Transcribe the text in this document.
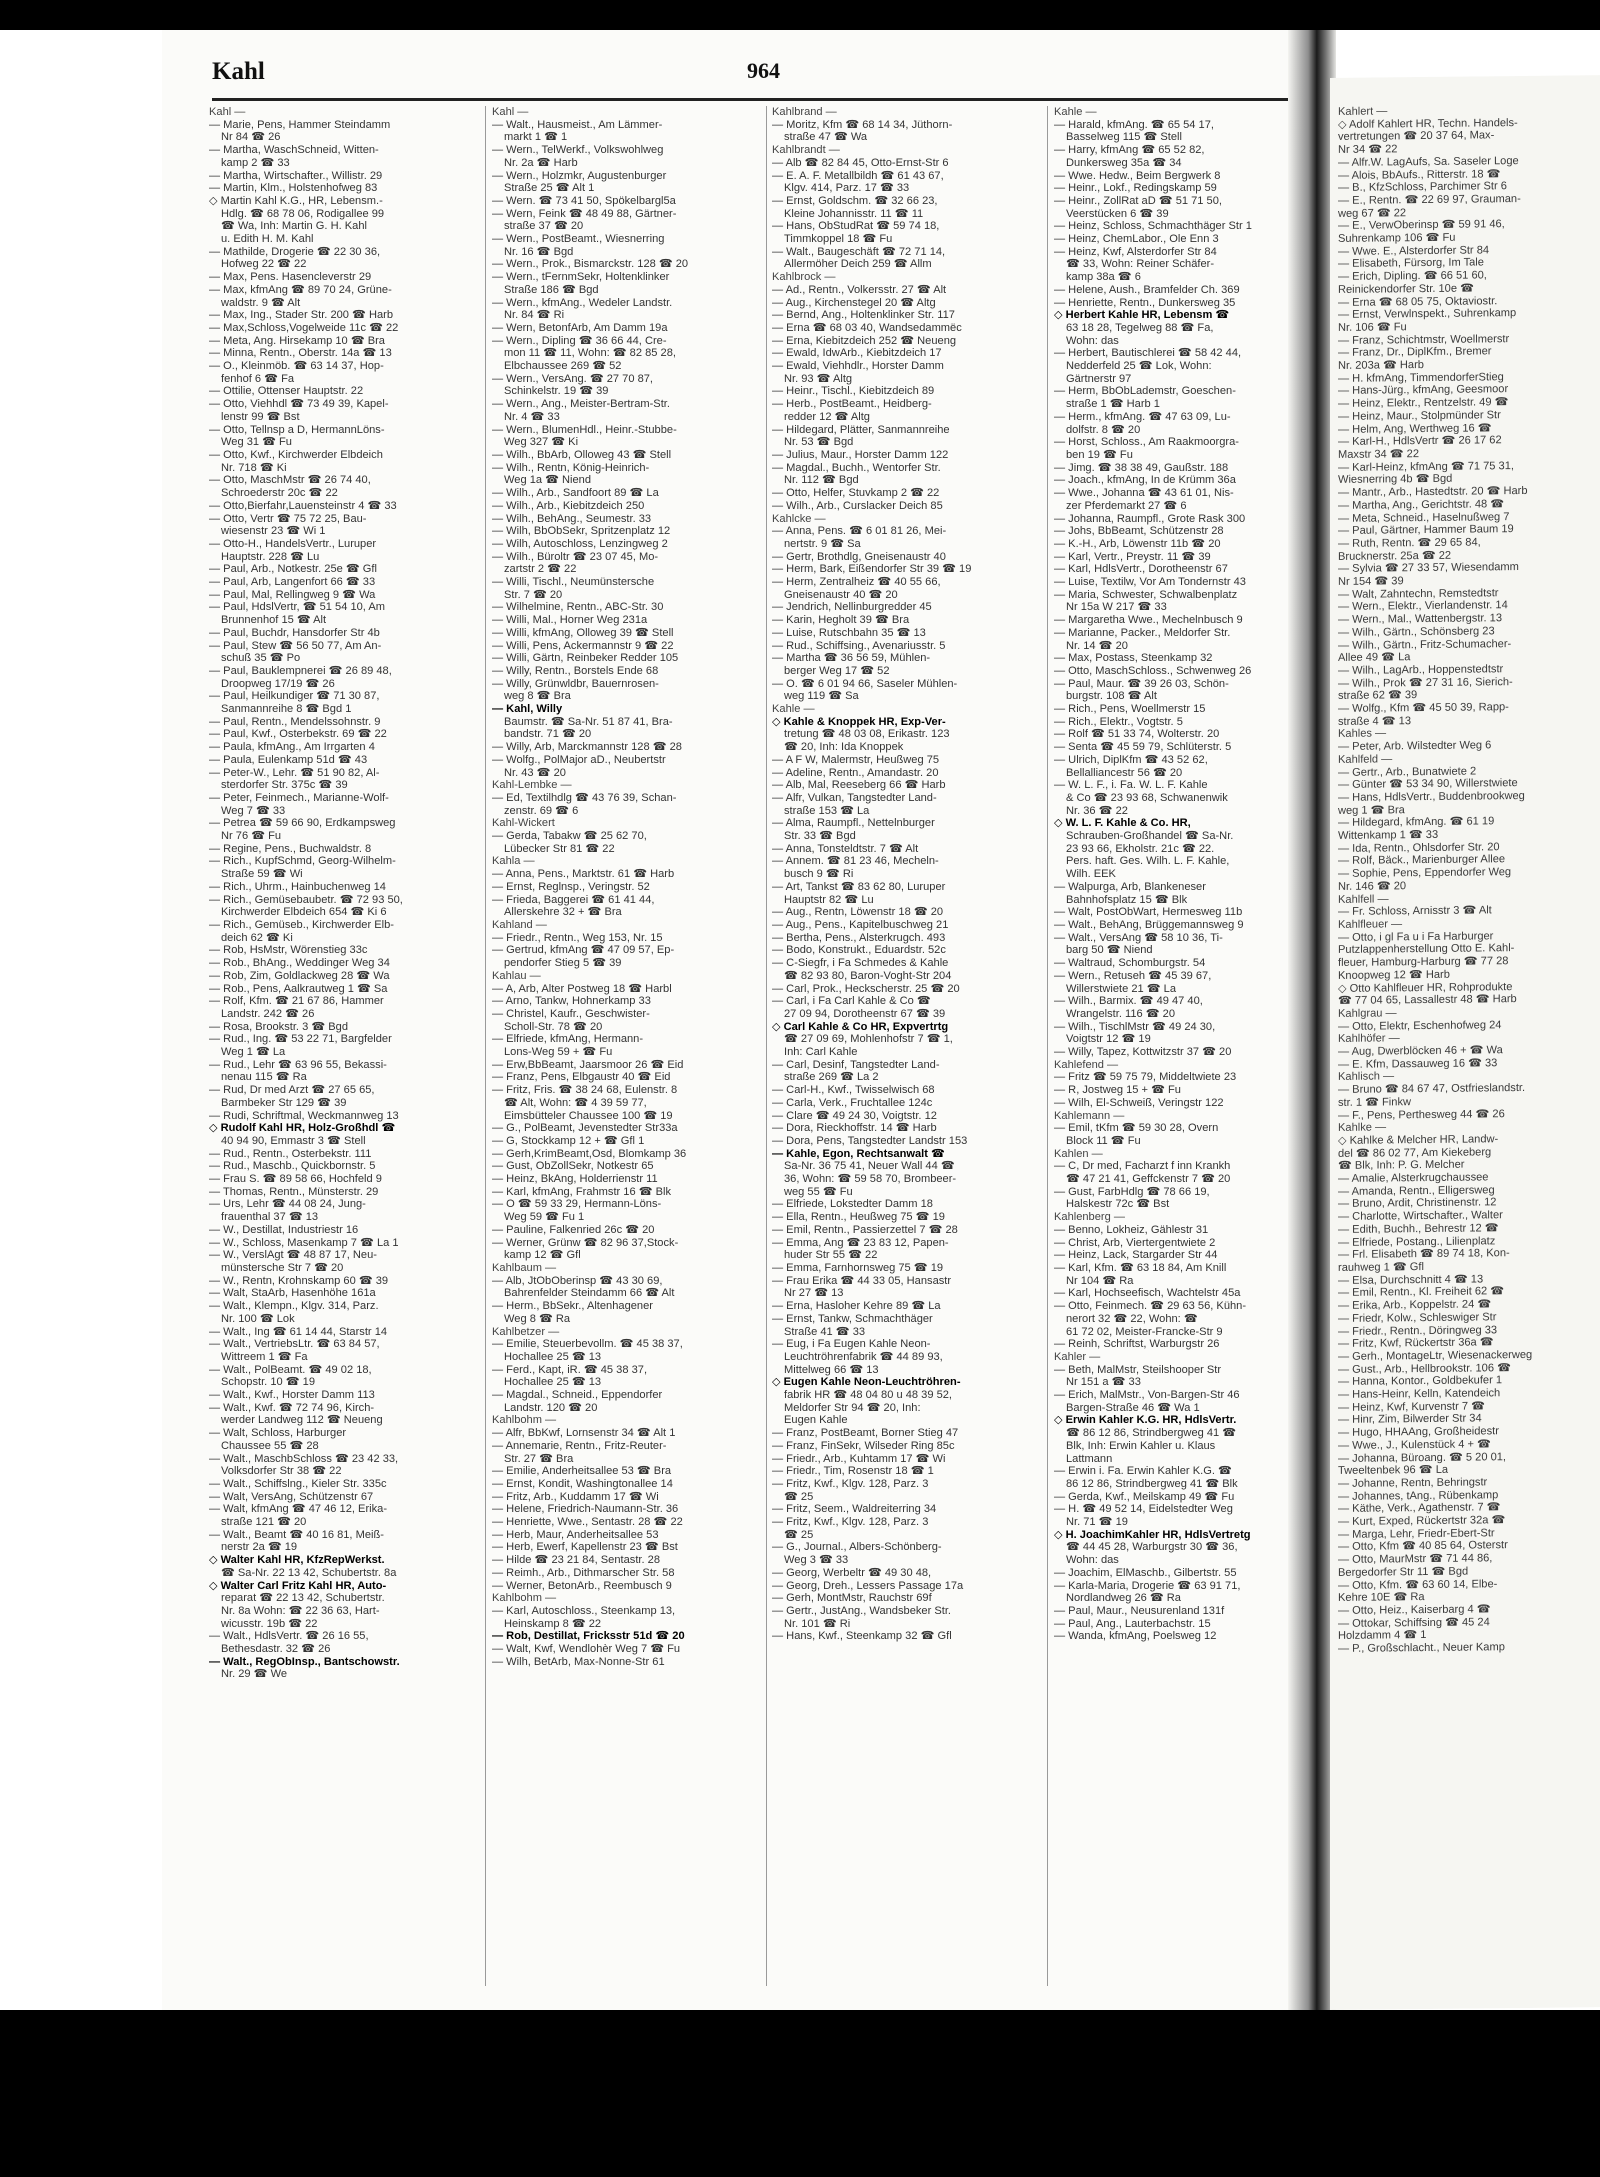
Kahl	964
Kahl —
— Marie, Pens, Hammer Steindamm
Nr 84 ☎ 26
— Martha, WaschSchneid, Witten-
kamp 2 ☎ 33
— Martha, Wirtschafter., Willistr. 29
— Martin, Klm., Holstenhofweg 83
◇ Martin Kahl K.G., HR, Lebensm.-
Hdlg. ☎ 68 78 06, Rodigallee 99
☎ Wa, Inh: Martin G. H. Kahl
u. Edith H. M. Kahl
— Mathilde, Drogerie ☎ 22 30 36,
Hofweg 22 ☎ 22
— Max, Pens. Hasencleverstr 29
— Max, kfmAng ☎ 89 70 24, Grüne-
waldstr. 9 ☎ Alt
— Max, Ing., Stader Str. 200 ☎ Harb
— Max,Schloss,Vogelweide 11c ☎ 22
— Meta, Ang. Hirsekamp 10 ☎ Bra
— Minna, Rentn., Oberstr. 14a ☎ 13
— O., Kleinmöb. ☎ 63 14 37, Hop-
fenhof 6 ☎ Fa
— Ottilie, Ottenser Hauptstr. 22
— Otto, Viehhdl ☎ 73 49 39, Kapel-
lenstr 99 ☎ Bst
— Otto, Tellnsp a D, HermannLöns-
Weg 31 ☎ Fu
— Otto, Kwf., Kirchwerder Elbdeich
Nr. 718 ☎ Ki
— Otto, MaschMstr ☎ 26 74 40,
Schroederstr 20c ☎ 22
— Otto,Bierfahr,Lauensteinstr 4 ☎ 33
— Otto, Vertr ☎ 75 72 25, Bau-
wiesenstr 23 ☎ Wi 1
— Otto-H., HandelsVertr., Luruper
Hauptstr. 228 ☎ Lu
— Paul, Arb., Notkestr. 25e ☎ Gfl
— Paul, Arb, Langenfort 66 ☎ 33
— Paul, Mal, Rellingweg 9 ☎ Wa
— Paul, HdslVertr, ☎ 51 54 10, Am
Brunnenhof 15 ☎ Alt
— Paul, Buchdr, Hansdorfer Str 4b
— Paul, Stew ☎ 56 50 77, Am An-
schuß 35 ☎ Po
— Paul, Bauklempnerei ☎ 26 89 48,
Droopweg 17/19 ☎ 26
— Paul, Heilkundiger ☎ 71 30 87,
Sanmannreihe 8 ☎ Bgd 1
— Paul, Rentn., Mendelssohnstr. 9
— Paul, Kwf., Osterbekstr. 69 ☎ 22
— Paula, kfmAng., Am Irrgarten 4
— Paula, Eulenkamp 51d ☎ 43
— Peter-W., Lehr. ☎ 51 90 82, Al-
sterdorfer Str. 375c ☎ 39
— Peter, Feinmech., Marianne-Wolf-
Weg 7 ☎ 33
— Petrea ☎ 59 66 90, Erdkampsweg
Nr 76 ☎ Fu
— Regine, Pens., Buchwaldstr. 8
— Rich., KupfSchmd, Georg-Wilhelm-
Straße 59 ☎ Wi
— Rich., Uhrm., Hainbuchenweg 14
— Rich., Gemüsebaubetr. ☎ 72 93 50,
Kirchwerder Elbdeich 654 ☎ Ki 6
— Rich., Gemüseb., Kirchwerder Elb-
deich 62 ☎ Ki
— Rob, HsMstr, Wörenstieg 33c
— Rob., BhAng., Weddinger Weg 34
— Rob, Zim, Goldlackweg 28 ☎ Wa
— Rob., Pens, Aalkrautweg 1 ☎ Sa
— Rolf, Kfm. ☎ 21 67 86, Hammer
Landstr. 242 ☎ 26
— Rosa, Brookstr. 3 ☎ Bgd
— Rud., Ing. ☎ 53 22 71, Bargfelder
Weg 1 ☎ La
— Rud., Lehr ☎ 63 96 55, Bekassi-
nenau 115 ☎ Ra
— Rud, Dr med Arzt ☎ 27 65 65,
Barmbeker Str 129 ☎ 39
— Rudi, Schriftmal, Weckmannweg 13
◇ Rudolf Kahl HR, Holz-Großhdl ☎
40 94 90, Emmastr 3 ☎ Stell
— Rud., Rentn., Osterbekstr. 111
— Rud., Maschb., Quickbornstr. 5
— Frau S. ☎ 89 58 66, Hochfeld 9
— Thomas, Rentn., Münsterstr. 29
— Urs, Lehr ☎ 44 08 24, Jung-
frauenthal 37 ☎ 13
— W., Destillat, Industriestr 16
— W., Schloss, Masenkamp 7 ☎ La 1
— W., VerslAgt ☎ 48 87 17, Neu-
münstersche Str 7 ☎ 20
— W., Rentn, Krohnskamp 60 ☎ 39
— Walt, StaArb, Hasenhöhe 161a
— Walt., Klempn., Klgv. 314, Parz.
Nr. 100 ☎ Lok
— Walt., Ing ☎ 61 14 44, Starstr 14
— Walt., VertriebsLtr. ☎ 63 84 57,
Wittreem 1 ☎ Fa
— Walt., PolBeamt. ☎ 49 02 18,
Schopstr. 10 ☎ 19
— Walt., Kwf., Horster Damm 113
— Walt., Kwf. ☎ 72 74 96, Kirch-
werder Landweg 112 ☎ Neueng
— Walt, Schloss, Harburger
Chaussee 55 ☎ 28
— Walt., MaschbSchloss ☎ 23 42 33,
Volksdorfer Str 38 ☎ 22
— Walt., Schiffslng., Kieler Str. 335c
— Walt, VersAng, Schützenstr 67
— Walt, kfmAng ☎ 47 46 12, Erika-
straße 121 ☎ 20
— Walt., Beamt ☎ 40 16 81, Meiß-
nerstr 2a ☎ 19
◇ Walter Kahl HR, KfzRepWerkst.
☎ Sa-Nr. 22 13 42, Schubertstr. 8a
◇ Walter Carl Fritz Kahl HR, Auto-
reparat ☎ 22 13 42, Schubertstr.
Nr. 8a Wohn: ☎ 22 36 63, Hart-
wicusstr. 19b ☎ 22
— Walt., HdlsVertr. ☎ 26 16 55,
Bethesdastr. 32 ☎ 26
— Walt., RegObInsp., Bantschowstr.
Nr. 29 ☎ We
Kahl —
— Walt., Hausmeist., Am Lämmer-
markt 1 ☎ 1
— Wern., TelWerkf., Volkswohlweg
Nr. 2a ☎ Harb
— Wern., Holzmkr, Augustenburger
Straße 25 ☎ Alt 1
— Wern. ☎ 73 41 50, Spökelbargl5a
— Wern, Feink ☎ 48 49 88, Gärtner-
straße 37 ☎ 20
— Wern., PostBeamt., Wiesnerring
Nr. 16 ☎ Bgd
— Wern., Prok., Bismarckstr. 128 ☎ 20
— Wern., tFernmSekr, Holtenklinker
Straße 186 ☎ Bgd
— Wern., kfmAng., Wedeler Landstr.
Nr. 84 ☎ Ri
— Wern, BetonfArb, Am Damm 19a
— Wern., Dipling ☎ 36 66 44, Cre-
mon 11 ☎ 11, Wohn: ☎ 82 85 28,
Elbchaussee 269 ☎ 52
— Wern., VersAng. ☎ 27 70 87,
Schinkelstr. 19 ☎ 39
— Wern., Ang., Meister-Bertram-Str.
Nr. 4 ☎ 33
— Wern., BlumenHdl., Heinr.-Stubbe-
Weg 327 ☎ Ki
— Wilh., BbArb, Olloweg 43 ☎ Stell
— Wilh., Rentn, König-Heinrich-
Weg 1a ☎ Niend
— Wilh., Arb., Sandfoort 89 ☎ La
— Wilh., Arb., Kiebitzdeich 250
— Wilh., BehAng., Seumestr. 33
— Wilh, BbObSekr, Spritzenplatz 12
— Wilh, Autoschloss, Lenzingweg 2
— Wilh., Büroltr ☎ 23 07 45, Mo-
zartstr 2 ☎ 22
— Willi, Tischl., Neumünstersche
Str. 7 ☎ 20
— Wilhelmine, Rentn., ABC-Str. 30
— Willi, Mal., Horner Weg 231a
— Willi, kfmAng, Olloweg 39 ☎ Stell
— Willi, Pens, Ackermannstr 9 ☎ 22
— Willi, Gärtn, Reinbeker Redder 105
— Willy, Rentn., Borstels Ende 68
— Willy, Grünwldbr, Bauernrosen-
weg 8 ☎ Bra
— Kahl, Willy
Baumstr. ☎ Sa-Nr. 51 87 41, Bra-
bandstr. 71 ☎ 20
— Willy, Arb, Marckmannstr 128 ☎ 28
— Wolfg., PolMajor aD., Neubertstr
Nr. 43 ☎ 20
Kahl-Lembke —
— Ed, Textilhdlg ☎ 43 76 39, Schan-
zenstr. 69 ☎ 6
Kahl-Wickert
— Gerda, Tabakw ☎ 25 62 70,
Lübecker Str 81 ☎ 22
Kahla —
— Anna, Pens., Marktstr. 61 ☎ Harb
— Ernst, Reglnsp., Veringstr. 52
— Frieda, Baggerei ☎ 61 41 44,
Allerskehre 32 + ☎ Bra
Kahland —
— Friedr., Rentn., Weg 153, Nr. 15
— Gertrud, kfmAng ☎ 47 09 57, Ep-
pendorfer Stieg 5 ☎ 39
Kahlau —
— A, Arb, Alter Postweg 18 ☎ Harbl
— Arno, Tankw, Hohnerkamp 33
— Christel, Kaufr., Geschwister-
Scholl-Str. 78 ☎ 20
— Elfriede, kfmAng, Hermann-
Lons-Weg 59 + ☎ Fu
— Erw,BbBeamt, Jaarsmoor 26 ☎ Eid
— Franz, Pens, Elbgaustr 40 ☎ Eid
— Fritz, Fris. ☎ 38 24 68, Eulenstr. 8
☎ Alt, Wohn: ☎ 4 39 59 77,
Eimsbütteler Chaussee 100 ☎ 19
— G., PolBeamt, Jevenstedter Str33a
— G, Stockkamp 12 + ☎ Gfl 1
— Gerh,KrimBeamt,Osd, Blomkamp 36
— Gust, ObZollSekr, Notkestr 65
— Heinz, BkAng, Holderrienstr 11
— Karl, kfmAng, Frahmstr 16 ☎ Blk
— O ☎ 59 33 29, Hermann-Löns-
Weg 59 ☎ Fu 1
— Pauline, Falkenried 26c ☎ 20
— Werner, Grünw ☎ 82 96 37,Stock-
kamp 12 ☎ Gfl
Kahlbaum —
— Alb, JtObOberinsp ☎ 43 30 69,
Bahrenfelder Steindamm 66 ☎ Alt
— Herm., BbSekr., Altenhagener
Weg 8 ☎ Ra
Kahlbetzer —
— Emilie, Steuerbevollm. ☎ 45 38 37,
Hochallee 25 ☎ 13
— Ferd., Kapt, iR. ☎ 45 38 37,
Hochallee 25 ☎ 13
— Magdal., Schneid., Eppendorfer
Landstr. 120 ☎ 20
Kahlbohm —
— Alfr, BbKwf, Lornsenstr 34 ☎ Alt 1
— Annemarie, Rentn., Fritz-Reuter-
Str. 27 ☎ Bra
— Emilie, Anderheitsallee 53 ☎ Bra
— Ernst, Kondit, Washingtonallee 14
— Fritz, Arb., Kuddamm 17 ☎ Wi
— Helene, Friedrich-Naumann-Str. 36
— Henriette, Wwe., Sentastr. 28 ☎ 22
— Herb, Maur, Anderheitsallee 53
— Herb, Ewerf, Kapellenstr 23 ☎ Bst
— Hilde ☎ 23 21 84, Sentastr. 28
— Reimh., Arb., Dithmarscher Str. 58
— Werner, BetonArb., Reembusch 9
Kahlbohm —
— Karl, Autoschloss., Steenkamp 13,
Heinskamp 8 ☎ 22
— Rob, DestilIat, Fricksstr 51d ☎ 20
— Walt, Kwf, Wendlohèr Weg 7 ☎ Fu
— Wilh, BetArb, Max-Nonne-Str 61
Kahlbrand —
— Moritz, Kfm ☎ 68 14 34, Jüthorn-
straße 47 ☎ Wa
Kahlbrandt —
— Alb ☎ 82 84 45, Otto-Ernst-Str 6
— E. A. F. Metallbildh ☎ 61 43 67,
Klgv. 414, Parz. 17 ☎ 33
— Ernst, Goldschm. ☎ 32 66 23,
Kleine Johannisstr. 11 ☎ 11
— Hans, ObStudRat ☎ 59 74 18,
Timmkoppel 18 ☎ Fu
— Walt., Baugeschäft ☎ 72 71 14,
Allermöher Deich 259 ☎ Allm
Kahlbrock —
— Ad., Rentn., Volkersstr. 27 ☎ Alt
— Aug., Kirchenstegel 20 ☎ Altg
— Bernd, Ang., Holtenklinker Str. 117
— Erna ☎ 68 03 40, Wandsedammëc
— Erna, Kiebitzdeich 252 ☎ Neueng
— Ewald, IdwArb., Kiebitzdeich 17
— Ewald, Viehhdlr., Horster Damm
Nr. 93 ☎ Altg
— Heinr., Tischl., Kiebitzdeich 89
— Herb., PostBeamt., Heidberg-
redder 12 ☎ Altg
— Hildegard, Plätter, Sanmannreihe
Nr. 53 ☎ Bgd
— Julius, Maur., Horster Damm 122
— Magdal., Buchh., Wentorfer Str.
Nr. 112 ☎ Bgd
— Otto, Helfer, Stuvkamp 2 ☎ 22
— Wilh., Arb., Curslacker Deich 85
Kahlcke —
— Anna, Pens. ☎ 6 01 81 26, Mei-
nertstr. 9 ☎ Sa
— Gertr, Brothdlg, Gneisenaustr 40
— Herm, Bark, Eißendorfer Str 39 ☎ 19
— Herm, Zentralheiz ☎ 40 55 66,
Gneisenaustr 40 ☎ 20
— Jendrich, Nellinburgredder 45
— Karin, Hegholt 39 ☎ Bra
— Luise, Rutschbahn 35 ☎ 13
— Rud., Schiffsing., Avenariusstr. 5
— Martha ☎ 36 56 59, Mühlen-
berger Weg 17 ☎ 52
— O. ☎ 6 01 94 66, Saseler Mühlen-
weg 119 ☎ Sa
Kahle —
◇ Kahle & Knoppek HR, Exp-Ver-
tretung ☎ 48 03 08, Erikastr. 123
☎ 20, Inh: Ida Knoppek
— A F W, Malermstr, Heußweg 75
— Adeline, Rentn., Amandastr. 20
— Alb, Mal, Reeseberg 66 ☎ Harb
— Alfr, Vulkan, Tangstedter Land-
straße 153 ☎ La
— Alma, Raumpfl., Nettelnburger
Str. 33 ☎ Bgd
— Anna, Tonsteldtstr. 7 ☎ Alt
— Annem. ☎ 81 23 46, Mecheln-
busch 9 ☎ Ri
— Art, Tankst ☎ 83 62 80, Luruper
Hauptstr 82 ☎ Lu
— Aug., Rentn, Löwenstr 18 ☎ 20
— Aug., Pens., Kapitelbuschweg 21
— Bertha, Pens., Alsterkrugch. 493
— Bodo, Konstrukt., Eduardstr. 52c
— C-Siegfr, i Fa Schmedes & Kahle
☎ 82 93 80, Baron-Voght-Str 204
— Carl, Prok., Heckscherstr. 25 ☎ 20
— Carl, i Fa Carl Kahle & Co ☎
27 09 94, Dorotheenstr 67 ☎ 39
◇ Carl Kahle & Co HR, Expvertrtg
☎ 27 09 69, Mohlenhofstr 7 ☎ 1,
Inh: Carl Kahle
— Carl, Desinf, Tangstedter Land-
straße 269 ☎ La 2
— Carl-H., Kwf., Twisselwisch 68
— Carla, Verk., Fruchtallee 124c
— Clare ☎ 49 24 30, Voigtstr. 12
— Dora, Rieckhoffstr. 14 ☎ Harb
— Dora, Pens, Tangstedter Landstr 153
— Kahle, Egon, Rechtsanwalt ☎
Sa-Nr. 36 75 41, Neuer Wall 44 ☎
36, Wohn: ☎ 59 58 70, Brombeer-
weg 55 ☎ Fu
— Elfriede, Lokstedter Damm 18
— Ella, Rentn., Heußweg 75 ☎ 19
— Emil, Rentn., Passierzettel 7 ☎ 28
— Emma, Ang ☎ 23 83 12, Papen-
huder Str 55 ☎ 22
— Emma, Farnhornsweg 75 ☎ 19
— Frau Erika ☎ 44 33 05, Hansastr
Nr 27 ☎ 13
— Erna, Hasloher Kehre 89 ☎ La
— Ernst, Tankw, Schmachthäger
Straße 41 ☎ 33
— Eug, i Fa Eugen Kahle Neon-
Leuchtröhrenfabrik ☎ 44 89 93,
Mittelweg 66 ☎ 13
◇ Eugen Kahle Neon-Leuchtröhren-
fabrik HR ☎ 48 04 80 u 48 39 52,
Meldorfer Str 94 ☎ 20, Inh:
Eugen Kahle
— Franz, PostBeamt, Borner Stieg 47
— Franz, FinSekr, Wilseder Ring 85c
— Friedr., Arb., Kuhtamm 17 ☎ Wi
— Friedr., Tim, Rosenstr 18 ☎ 1
— Fritz, Kwf., Klgv. 128, Parz. 3
☎ 25
— Fritz, Seem., Waldreiterring 34
— Fritz, Kwf., Klgv. 128, Parz. 3
☎ 25
— G., Journal., Albers-Schönberg-
Weg 3 ☎ 33
— Georg, Werbeltr ☎ 49 30 48,
— Georg, Dreh., Lessers Passage 17a
— Gerh, MontMstr, Rauchstr 69f
— Gertr., JustAng., Wandsbeker Str.
Nr. 101 ☎ Ri
— Hans, Kwf., Steenkamp 32 ☎ Gfl
Kahle —
— Harald, kfmAng. ☎ 65 54 17,
Basselweg 115 ☎ Stell
— Harry, kfmAng ☎ 65 52 82,
Dunkersweg 35a ☎ 34
— Wwe. Hedw., Beim Bergwerk 8
— Heinr., Lokf., Redingskamp 59
— Heinr., ZollRat aD ☎ 51 71 50,
Veerstücken 6 ☎ 39
— Heinz, Schloss, Schmachthäger Str 1
— Heinz, ChemLabor., Ole Enn 3
— Heinz, Kwf, Alsterdorfer Str 84
☎ 33, Wohn: Reiner Schäfer-
kamp 38a ☎ 6
— Helene, Aush., Bramfelder Ch. 369
— Henriette, Rentn., Dunkersweg 35
◇ Herbert Kahle HR, Lebensm ☎
63 18 28, Tegelweg 88 ☎ Fa,
Wohn: das
— Herbert, Bautischlerei ☎ 58 42 44,
Nedderfeld 25 ☎ Lok, Wohn:
Gärtnerstr 97
— Herm, BbObLademstr, Goeschen-
straße 1 ☎ Harb 1
— Herm., kfmAng. ☎ 47 63 09, Lu-
dolfstr. 8 ☎ 20
— Horst, Schloss., Am Raakmoorgra-
ben 19 ☎ Fu
— Jimg. ☎ 38 38 49, Gaußstr. 188
— Joach., kfmAng, In de Krümm 36a
— Wwe., Johanna ☎ 43 61 01, Nis-
zer Pferdemarkt 27 ☎ 6
— Johanna, Raumpfl., Grote Rask 300
— Johs, BbBeamt, Schützenstr 28
— K.-H., Arb, Löwenstr 11b ☎ 20
— Karl, Vertr., Preystr. 11 ☎ 39
— Karl, HdlsVertr., Dorotheenstr 67
— Luise, Textilw, Vor Am Tondernstr 43
— Maria, Schwester, Schwalbenplatz
Nr 15a W 217 ☎ 33
— Margaretha Wwe., Mechelnbusch 9
— Marianne, Packer., Meldorfer Str.
Nr. 14 ☎ 20
— Max, Postass, Steenkamp 32
— Otto, MaschSchloss., Schwenweg 26
— Paul, Maur. ☎ 39 26 03, Schön-
burgstr. 108 ☎ Alt
— Rich., Pens, Woellmerstr 15
— Rich., Elektr., Vogtstr. 5
— Rolf ☎ 51 33 74, Wolterstr. 20
— Senta ☎ 45 59 79, Schlüterstr. 5
— Ulrich, DiplKfm ☎ 43 52 62,
Bellalliancestr 56 ☎ 20
— W. L. F., i. Fa. W. L. F. Kahle
& Co ☎ 23 93 68, Schwanenwik
Nr. 36 ☎ 22
◇ W. L. F. Kahle & Co. HR,
Schrauben-Großhandel ☎ Sa-Nr.
23 93 66, Ekholstr. 21c ☎ 22.
Pers. haft. Ges. Wilh. L. F. Kahle,
Wilh. EEK
— Walpurga, Arb, Blankeneser
Bahnhofsplatz 15 ☎ Blk
— Walt, PostObWart, Hermesweg 11b
— Walt., BehAng, Brüggemannsweg 9
— Walt., VersAng ☎ 58 10 36, Ti-
barg 50 ☎ Niend
— Waltraud, Schomburgstr. 54
— Wern., Retuseh ☎ 45 39 67,
Willerstwiete 21 ☎ La
— Wilh., Barmix. ☎ 49 47 40,
Wrangelstr. 116 ☎ 20
— Wilh., TischlMstr ☎ 49 24 30,
Voigtstr 12 ☎ 19
— Willy, Tapez, Kottwitzstr 37 ☎ 20
Kahlefend —
— Fritz ☎ 59 75 79, Middeltwiete 23
— R, Jostweg 15 + ☎ Fu
— Wilh, El-Schweiß, Veringstr 122
Kahlemann —
— Emil, tKfm ☎ 59 30 28, Overn
Block 11 ☎ Fu
Kahlen —
— C, Dr med, Facharzt f inn Krankh
☎ 47 21 41, Geffckenstr 7 ☎ 20
— Gust, FarbHdlg ☎ 78 66 19,
Halskestr 72c ☎ Bst
Kahlenberg —
— Benno, Lokheiz, Gählestr 31
— Christ, Arb, Viertergentwiete 2
— Heinz, Lack, Stargarder Str 44
— Karl, Kfm. ☎ 63 18 84, Am Knill
Nr 104 ☎ Ra
— Karl, Hochseefisch, Wachtelstr 45a
— Otto, Feinmech. ☎ 29 63 56, Kühn-
nerort 32 ☎ 22, Wohn: ☎
61 72 02, Meister-Francke-Str 9
— Reinh, Schriftst, Warburgstr 26
Kahler —
— Beth, MalMstr, Steilshooper Str
Nr 151 a ☎ 33
— Erich, MalMstr., Von-Bargen-Str 46
Bargen-Straße 46 ☎ Wa 1
◇ Erwin Kahler K.G. HR, HdlsVertr.
☎ 86 12 86, Strindbergweg 41 ☎
Blk, Inh: Erwin Kahler u. Klaus
Lattmann
— Erwin i. Fa. Erwin Kahler K.G. ☎
86 12 86, Strindbergweg 41 ☎ Blk
— Gerda, Kwf., Meilskamp 49 ☎ Fu
— H. ☎ 49 52 14, Eidelstedter Weg
Nr. 71 ☎ 19
◇ H. JoachimKahler HR, HdlsVertretg
☎ 44 45 28, Warburgstr 30 ☎ 36,
Wohn: das
— Joachim, ElMaschb., Gilbertstr. 55
— Karla-Maria, Drogerie ☎ 63 91 71,
Nordlandweg 26 ☎ Ra
— Paul, Maur., Neusurenland 131f
— Paul, Ang., Lauterbachstr. 15
— Wanda, kfmAng, Poelsweg 12
Kahlert —
◇ Adolf Kahlert HR, Techn. Handels-
vertretungen ☎ 20 37 64, Max-
Nr 34 ☎ 22
— Alfr.W. LagAufs, Sa. Saseler Loge
— Alois, BbAufs., Ritterstr. 18 ☎
— B., KfzSchloss, Parchimer Str 6
— E., Rentn. ☎ 22 69 97, Grauman-
weg 67 ☎ 22
— E., VerwOberinsp ☎ 59 91 46,
Suhrenkamp 106 ☎ Fu
— Wwe. E., Alsterdorfer Str 84
— Elisabeth, Fürsorg, Im Tale
— Erich, Dipling. ☎ 66 51 60,
Reinickendorfer Str. 10e ☎
— Erna ☎ 68 05 75, Oktaviostr.
— Ernst, Verwlnspekt., Suhrenkamp
Nr. 106 ☎ Fu
— Franz, Schichtmstr, Woellmerstr
— Franz, Dr., DiplKfm., Bremer
Nr. 203a ☎ Harb
— H. kfmAng, TimmendorferStieg
— Hans-Jürg., kfmAng, Geesmoor
— Heinz, Elektr., Rentzelstr. 49 ☎
— Heinz, Maur., Stolpmünder Str
— Helm, Ang, Werthweg 16 ☎
— Karl-H., HdlsVertr ☎ 26 17 62
Maxstr 34 ☎ 22
— Karl-Heinz, kfmAng ☎ 71 75 31,
Wiesnerring 4b ☎ Bgd
— Mantr., Arb., Hastedtstr. 20 ☎ Harb
— Martha, Ang., Gerichtstr. 48 ☎
— Meta, Schneid., Haselnußweg 7
— Paul, Gärtner, Hammer Baum 19
— Ruth, Rentn. ☎ 29 65 84,
Brucknerstr. 25a ☎ 22
— Sylvia ☎ 27 33 57, Wiesendamm
Nr 154 ☎ 39
— Walt, Zahntechn, Remstedtstr
— Wern., Elektr., Vierlandenstr. 14
— Wern., Mal., Wattenbergstr. 13
— Wilh., Gärtn., Schönsberg 23
— Wilh., Gärtn., Fritz-Schumacher-
Allee 49 ☎ La
— Wilh., LagArb., Hoppenstedtstr
— Wilh., Prok ☎ 27 31 16, Sierich-
straße 62 ☎ 39
— Wolfg., Kfm ☎ 45 50 39, Rapp-
straße 4 ☎ 13
Kahles —
— Peter, Arb. Wilstedter Weg 6
Kahlfeld —
— Gertr., Arb., Bunatwiete 2
— Günter ☎ 53 34 90, Willerstwiete
— Hans, HdlsVertr., Buddenbrookweg
weg 1 ☎ Bra
— Hildegard, kfmAng. ☎ 61 19
Wittenkamp 1 ☎ 33
— Ida, Rentn., Ohlsdorfer Str. 20
— Rolf, Bäck., Marienburger Allee
— Sophie, Pens, Eppendorfer Weg
Nr. 146 ☎ 20
Kahlfell —
— Fr. Schloss, Arnisstr 3 ☎ Alt
Kahlfleuer —
— Otto, i gl Fa u i Fa Harburger
Putzlappenherstellung Otto E. Kahl-
fleuer, Hamburg-Harburg ☎ 77 28
Knoopweg 12 ☎ Harb
◇ Otto Kahlfleuer HR, Rohprodukte
☎ 77 04 65, Lassallestr 48 ☎ Harb
Kahlgrau —
— Otto, Elektr, Eschenhofweg 24
Kahlhöfer —
— Aug, Dwerblöcken 46 + ☎ Wa
— E. Kfm, Dassauweg 16 ☎ 33
Kahlisch —
— Bruno ☎ 84 67 47, Ostfrieslandstr.
str. 1 ☎ Finkw
— F., Pens, Perthesweg 44 ☎ 26
Kahlke —
◇ Kahlke & Melcher HR, Landw-
del ☎ 86 02 77, Am Kiekeberg
☎ Blk, Inh: P. G. Melcher
— Amalie, Alsterkrugchaussee
— Amanda, Rentn., Elligersweg
— Bruno, Ardit, Christinenstr. 12
— Charlotte, Wirtschafter., Walter
— Edith, Buchh., Behrestr 12 ☎
— Elfriede, Postang., Lilienplatz
— Frl. Elisabeth ☎ 89 74 18, Kon-
rauhweg 1 ☎ Gfl
— Elsa, Durchschnitt 4 ☎ 13
— Emil, Rentn., Kl. Freiheit 62 ☎
— Erika, Arb., Koppelstr. 24 ☎
— Friedr, Kolw., Schleswiger Str
— Friedr., Rentn., Döringweg 33
— Fritz, Kwf, Rückertstr 36a ☎
— Gerh., MontageLtr, Wiesenackerweg
— Gust., Arb., Hellbrookstr. 106 ☎
— Hanna, Kontor., Goldbekufer 1
— Hans-Heinr, Kelln, Katendeich
— Heinz, Kwf, Kurvenstr 7 ☎
— Hinr, Zim, Bilwerder Str 34
— Hugo, HHAAng, Großheidestr
— Wwe., J., Kulenstück 4 + ☎
— Johanna, Büroang. ☎ 5 20 01,
Tweeltenbek 96 ☎ La
— Johanne, Rentn, Behringstr
— Johannes, tAng., Rübenkamp
— Käthe, Verk., Agathenstr. 7 ☎
— Kurt, Exped, Rückertstr 32a ☎
— Marga, Lehr, Friedr-Ebert-Str
— Otto, Kfm ☎ 40 85 64, Osterstr
— Otto, MaurMstr ☎ 71 44 86,
Bergedorfer Str 11 ☎ Bgd
— Otto, Kfm. ☎ 63 60 14, Elbe-
Kehre 10E ☎ Ra
— Otto, Heiz., Kaiserbarg 4 ☎
— Ottokar, Schiffsing ☎ 45 24
Holzdamm 4 ☎ 1
— P., Großschlacht., Neuer Kamp
